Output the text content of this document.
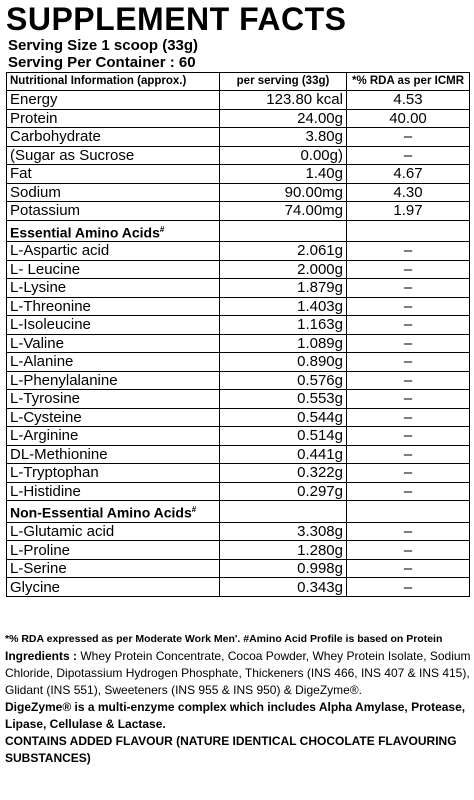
SUPPLEMENT FACTS
Serving Size 1 scoop (33g)
Serving Per Container : 60
Nutritional Information (approx.)	per serving (33g)	*% RDA as per ICMR
Energy	123.80 kcal	4.53
Protein	24.00g	40.00
Carbohydrate	3.80g	–
(Sugar as Sucrose	0.00g)	–
Fat	1.40g	4.67
Sodium	90.00mg	4.30
Potassium	74.00mg	1.97
Essential Amino Acids#		
L-Aspartic acid	2.061g	–
L- Leucine	2.000g	–
L-Lysine	1.879g	–
L-Threonine	1.403g	–
L-Isoleucine	1.163g	–
L-Valine	1.089g	–
L-Alanine	0.890g	–
L-Phenylalanine	0.576g	–
L-Tyrosine	0.553g	–
L-Cysteine	0.544g	–
L-Arginine	0.514g	–
DL-Methionine	0.441g	–
L-Tryptophan	0.322g	–
L-Histidine	0.297g	–
Non-Essential Amino Acids#		
L-Glutamic acid	3.308g	–
L-Proline	1.280g	–
L-Serine	0.998g	–
Glycine	0.343g	–
*% RDA expressed as per Moderate Work Men'. #Amino Acid Profile is based on Protein

Ingredients : Whey Protein Concentrate, Cocoa Powder, Whey Protein Isolate, Sodium Chloride, Dipotassium Hydrogen Phosphate, Thickeners (INS 466, INS 407 & INS 415), Glidant (INS 551), Sweeteners (INS 955 & INS 950) & DigeZyme®.

DigeZyme® is a multi-enzyme complex which includes Alpha Amylase, Protease, Lipase, Cellulase & Lactase.

CONTAINS ADDED FLAVOUR (NATURE IDENTICAL CHOCOLATE FLAVOURING SUBSTANCES)
